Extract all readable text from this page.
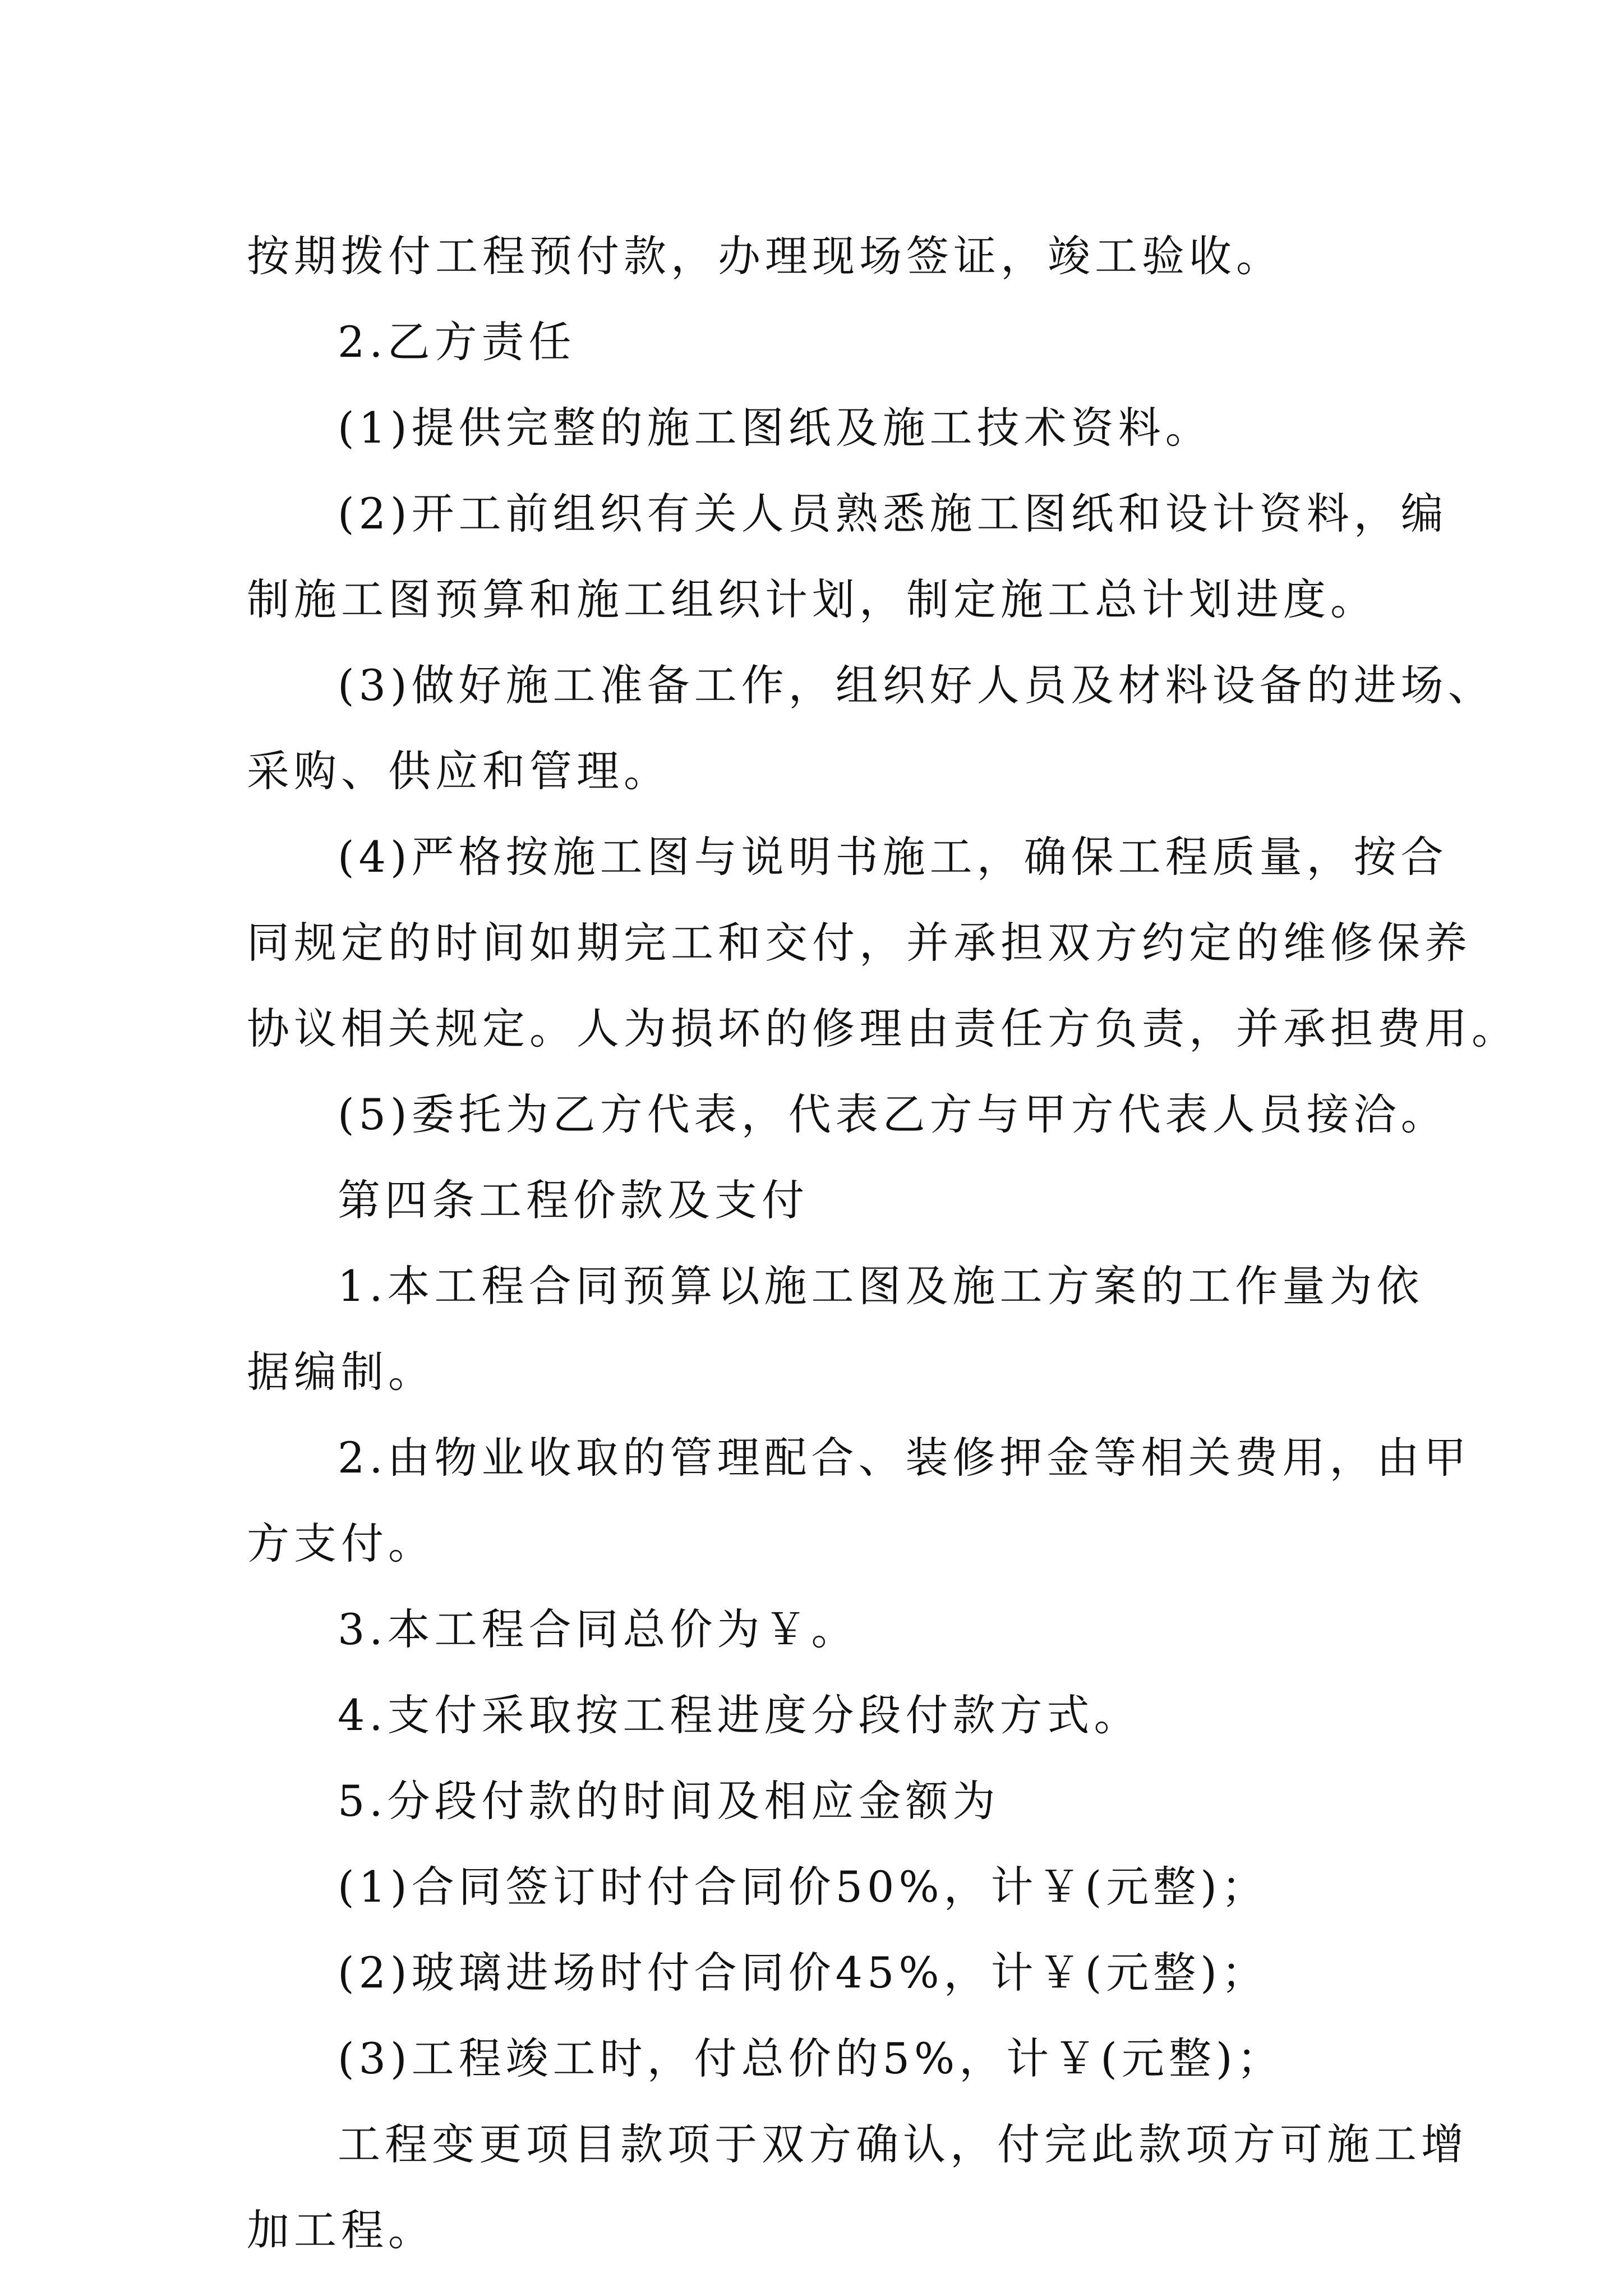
按期拨付工程预付款，办理现场签证，竣工验收。
2.乙方责任
(1)提供完整的施工图纸及施工技术资料。
(2)开工前组织有关人员熟悉施工图纸和设计资料，编
制施工图预算和施工组织计划，制定施工总计划进度。
(3)做好施工准备工作，组织好人员及材料设备的进场、
采购、供应和管理。
(4)严格按施工图与说明书施工，确保工程质量，按合
同规定的时间如期完工和交付，并承担双方约定的维修保养
协议相关规定。人为损坏的修理由责任方负责，并承担费用。
(5)委托为乙方代表，代表乙方与甲方代表人员接洽。
第四条工程价款及支付
1.本工程合同预算以施工图及施工方案的工作量为依
据编制。
2.由物业收取的管理配合、装修押金等相关费用，由甲
方支付。
3.本工程合同总价为￥。
4.支付采取按工程进度分段付款方式。
5.分段付款的时间及相应金额为
(1)合同签订时付合同价50%，计￥(元整)；
(2)玻璃进场时付合同价45%，计￥(元整)；
(3)工程竣工时，付总价的5%，计￥(元整)；
工程变更项目款项于双方确认，付完此款项方可施工增
加工程。
